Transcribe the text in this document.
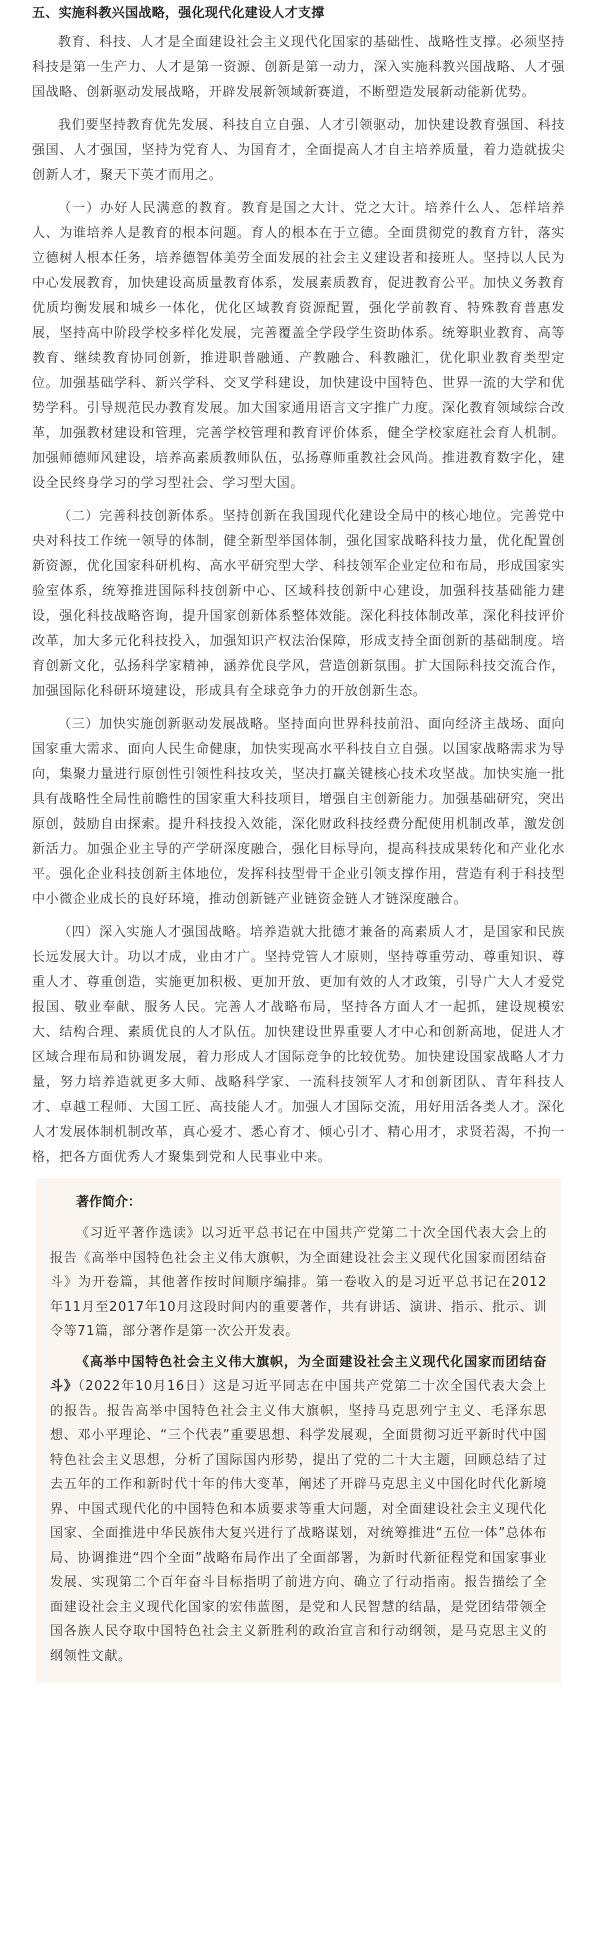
五、实施科教兴国战略，强化现代化建设人才支撑

教育、科技、人才是全面建设社会主义现代化国家的基础性、战略性支撑。必须坚持科技是第一生产力、人才是第一资源、创新是第一动力，深入实施科教兴国战略、人才强国战略、创新驱动发展战略，开辟发展新领域新赛道，不断塑造发展新动能新优势。

我们要坚持教育优先发展、科技自立自强、人才引领驱动，加快建设教育强国、科技强国、人才强国，坚持为党育人、为国育才，全面提高人才自主培养质量，着力造就拔尖创新人才，聚天下英才而用之。

（一）办好人民满意的教育。教育是国之大计、党之大计。培养什么人、怎样培养人、为谁培养人是教育的根本问题。育人的根本在于立德。全面贯彻党的教育方针，落实立德树人根本任务，培养德智体美劳全面发展的社会主义建设者和接班人。坚持以人民为中心发展教育，加快建设高质量教育体系，发展素质教育，促进教育公平。加快义务教育优质均衡发展和城乡一体化，优化区域教育资源配置，强化学前教育、特殊教育普惠发展，坚持高中阶段学校多样化发展，完善覆盖全学段学生资助体系。统筹职业教育、高等教育、继续教育协同创新，推进职普融通、产教融合、科教融汇，优化职业教育类型定位。加强基础学科、新兴学科、交叉学科建设，加快建设中国特色、世界一流的大学和优势学科。引导规范民办教育发展。加大国家通用语言文字推广力度。深化教育领域综合改革，加强教材建设和管理，完善学校管理和教育评价体系，健全学校家庭社会育人机制。加强师德师风建设，培养高素质教师队伍，弘扬尊师重教社会风尚。推进教育数字化，建设全民终身学习的学习型社会、学习型大国。

（二）完善科技创新体系。坚持创新在我国现代化建设全局中的核心地位。完善党中央对科技工作统一领导的体制，健全新型举国体制，强化国家战略科技力量，优化配置创新资源，优化国家科研机构、高水平研究型大学、科技领军企业定位和布局，形成国家实验室体系，统筹推进国际科技创新中心、区域科技创新中心建设，加强科技基础能力建设，强化科技战略咨询，提升国家创新体系整体效能。深化科技体制改革，深化科技评价改革，加大多元化科技投入，加强知识产权法治保障，形成支持全面创新的基础制度。培育创新文化，弘扬科学家精神，涵养优良学风，营造创新氛围。扩大国际科技交流合作，加强国际化科研环境建设，形成具有全球竞争力的开放创新生态。

（三）加快实施创新驱动发展战略。坚持面向世界科技前沿、面向经济主战场、面向国家重大需求、面向人民生命健康，加快实现高水平科技自立自强。以国家战略需求为导向，集聚力量进行原创性引领性科技攻关，坚决打赢关键核心技术攻坚战。加快实施一批具有战略性全局性前瞻性的国家重大科技项目，增强自主创新能力。加强基础研究，突出原创，鼓励自由探索。提升科技投入效能，深化财政科技经费分配使用机制改革，激发创新活力。加强企业主导的产学研深度融合，强化目标导向，提高科技成果转化和产业化水平。强化企业科技创新主体地位，发挥科技型骨干企业引领支撑作用，营造有利于科技型中小微企业成长的良好环境，推动创新链产业链资金链人才链深度融合。

（四）深入实施人才强国战略。培养造就大批德才兼备的高素质人才，是国家和民族长远发展大计。功以才成，业由才广。坚持党管人才原则，坚持尊重劳动、尊重知识、尊重人才、尊重创造，实施更加积极、更加开放、更加有效的人才政策，引导广大人才爱党报国、敬业奉献、服务人民。完善人才战略布局，坚持各方面人才一起抓，建设规模宏大、结构合理、素质优良的人才队伍。加快建设世界重要人才中心和创新高地，促进人才区域合理布局和协调发展，着力形成人才国际竞争的比较优势。加快建设国家战略人才力量，努力培养造就更多大师、战略科学家、一流科技领军人才和创新团队、青年科技人才、卓越工程师、大国工匠、高技能人才。加强人才国际交流，用好用活各类人才。深化人才发展体制机制改革，真心爱才、悉心育才、倾心引才、精心用才，求贤若渴，不拘一格，把各方面优秀人才聚集到党和人民事业中来。

著作简介：

《习近平著作选读》以习近平总书记在中国共产党第二十次全国代表大会上的报告《高举中国特色社会主义伟大旗帜，为全面建设社会主义现代化国家而团结奋斗》为开卷篇，其他著作按时间顺序编排。第一卷收入的是习近平总书记在2012年11月至2017年10月这段时间内的重要著作，共有讲话、演讲、指示、批示、训令等71篇，部分著作是第一次公开发表。

《高举中国特色社会主义伟大旗帜，为全面建设社会主义现代化国家而团结奋斗》（2022年10月16日）这是习近平同志在中国共产党第二十次全国代表大会上的报告。报告高举中国特色社会主义伟大旗帜，坚持马克思列宁主义、毛泽东思想、邓小平理论、“三个代表”重要思想、科学发展观，全面贯彻习近平新时代中国特色社会主义思想，分析了国际国内形势，提出了党的二十大主题，回顾总结了过去五年的工作和新时代十年的伟大变革，阐述了开辟马克思主义中国化时代化新境界、中国式现代化的中国特色和本质要求等重大问题，对全面建设社会主义现代化国家、全面推进中华民族伟大复兴进行了战略谋划，对统筹推进“五位一体”总体布局、协调推进“四个全面”战略布局作出了全面部署，为新时代新征程党和国家事业发展、实现第二个百年奋斗目标指明了前进方向、确立了行动指南。报告描绘了全面建设社会主义现代化国家的宏伟蓝图，是党和人民智慧的结晶，是党团结带领全国各族人民夺取中国特色社会主义新胜利的政治宣言和行动纲领，是马克思主义的纲领性文献。
